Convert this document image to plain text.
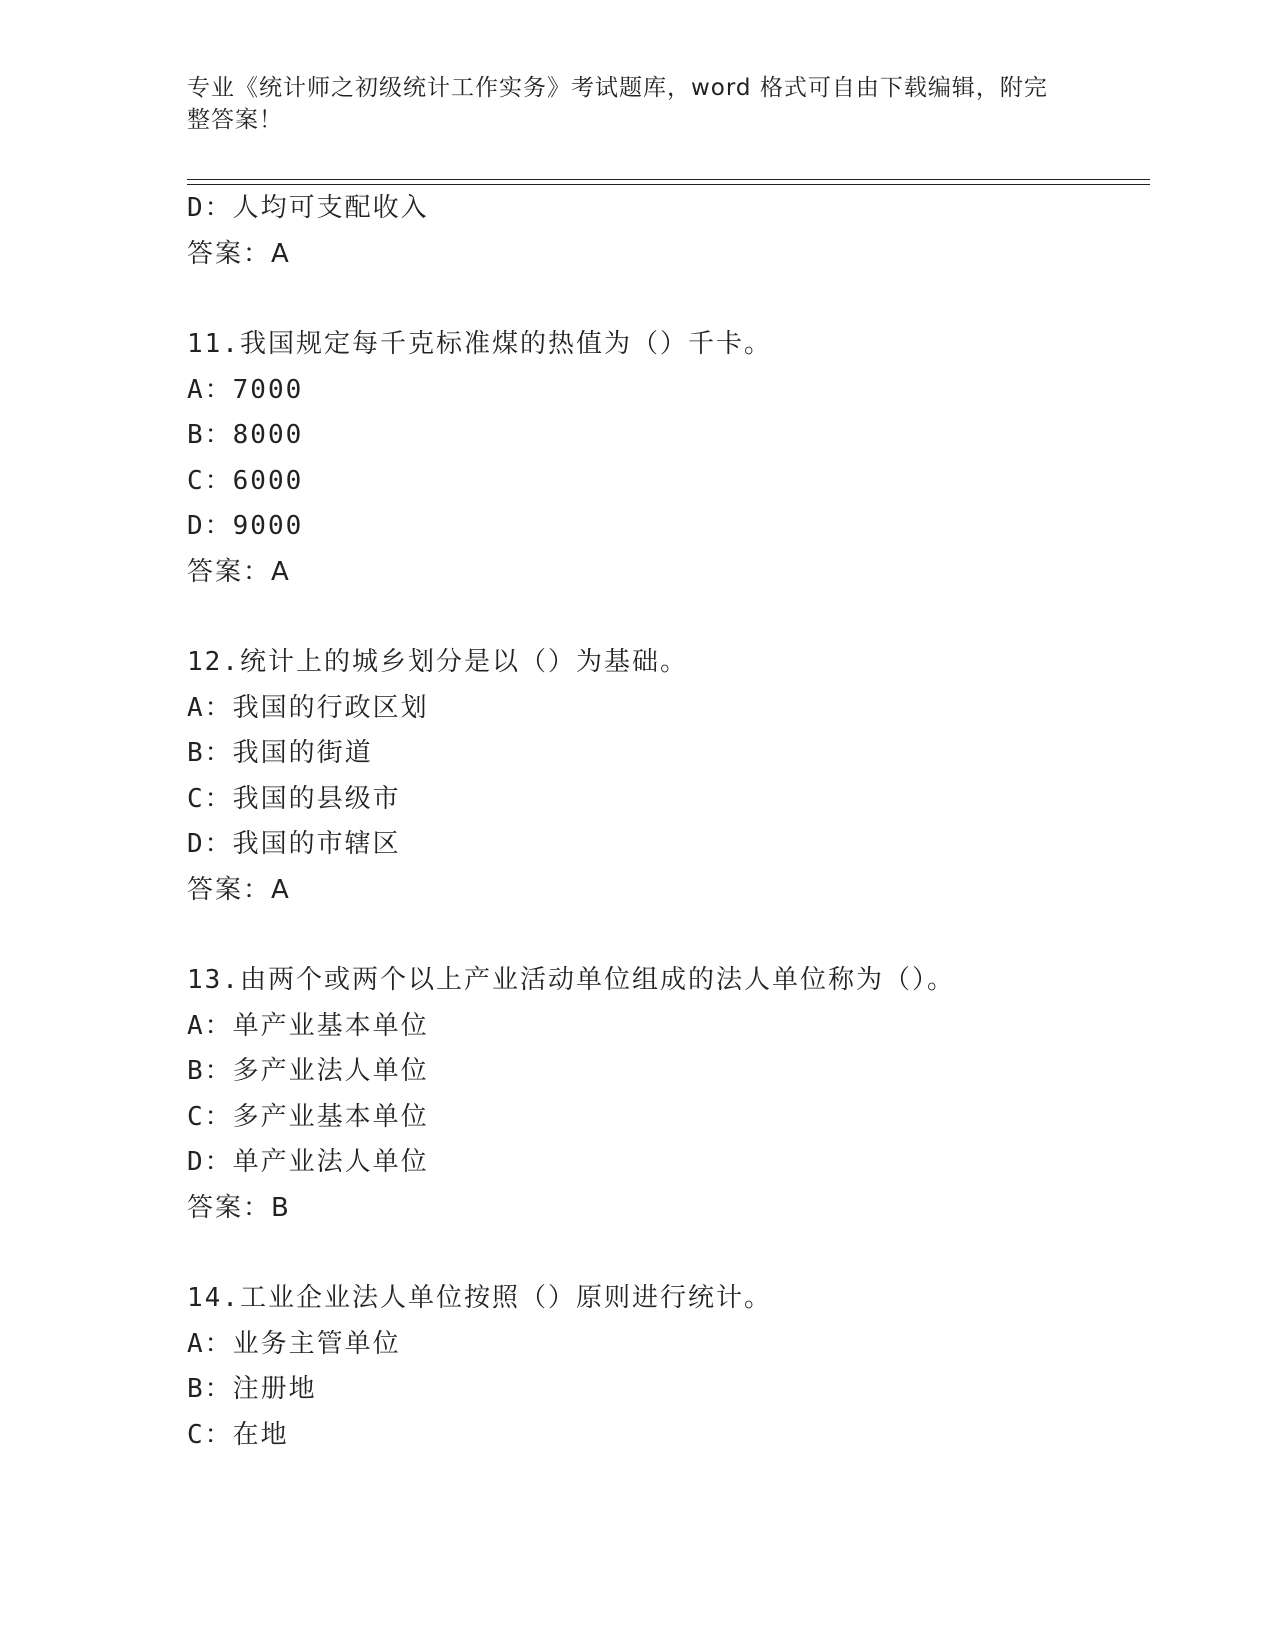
专业《统计师之初级统计工作实务》考试题库，word 格式可自由下载编辑，附完整答案！
D：人均可支配收入
答案：A
11.我国规定每千克标准煤的热值为（）千卡。
A：7000
B：8000
C：6000
D：9000
答案：A
12.统计上的城乡划分是以（）为基础。
A：我国的行政区划
B：我国的街道
C：我国的县级市
D：我国的市辖区
答案：A
13.由两个或两个以上产业活动单位组成的法人单位称为（）。
A：单产业基本单位
B：多产业法人单位
C：多产业基本单位
D：单产业法人单位
答案：B
14.工业企业法人单位按照（）原则进行统计。
A：业务主管单位
B：注册地
C：在地
